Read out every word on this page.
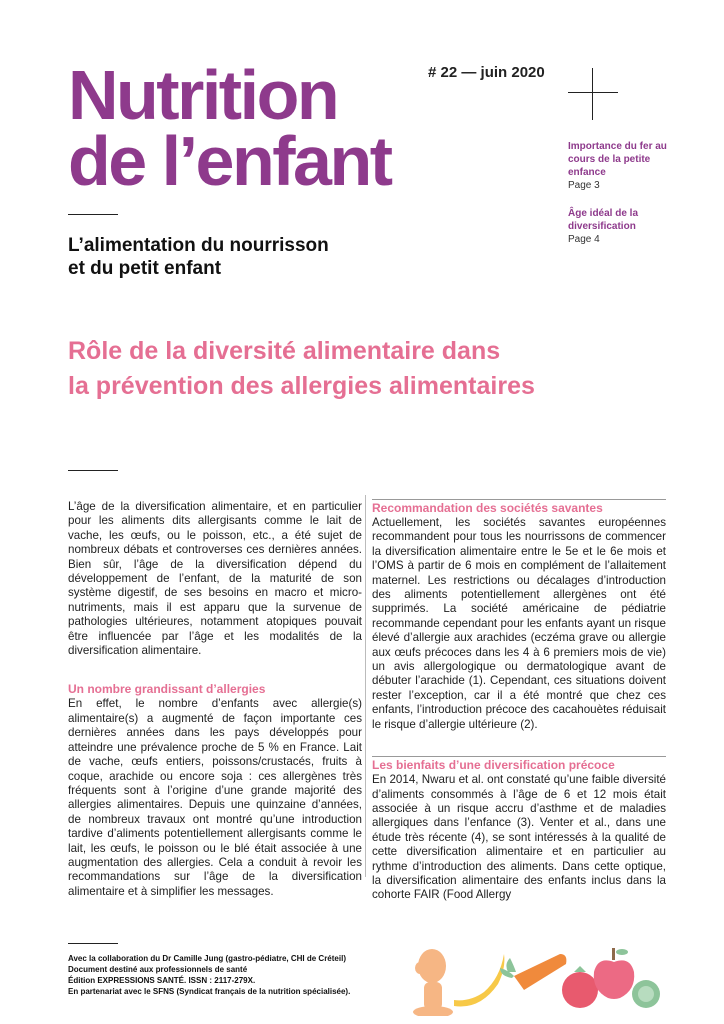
Nutrition
de l’enfant
# 22 — juin 2020
Importance du fer au cours de la petite enfance
Page 3
Âge idéal de la diversification
Page 4
L’alimentation du nourrisson
et du petit enfant
Rôle de la diversité alimentaire dans
la prévention des allergies alimentaires

L’âge de la diversification alimentaire, et en particulier pour les aliments dits allergisants comme le lait de vache, les œufs, ou le poisson, etc., a été sujet de nombreux débats et controverses ces dernières années. Bien sûr, l’âge de la diversification dépend du développement de l’enfant, de la maturité de son système digestif, de ses besoins en macro et micro-nutriments, mais il est apparu que la survenue de pathologies ultérieures, notamment atopiques pouvait être influencée par l’âge et les modalités de la diversification alimentaire.

Un nombre grandissant d’allergies

En effet, le nombre d’enfants avec allergie(s) alimentaire(s) a augmenté de façon importante ces dernières années dans les pays développés pour atteindre une prévalence proche de 5 % en France. Lait de vache, œufs entiers, poissons/crustacés, fruits à coque, arachide ou encore soja : ces allergènes très fréquents sont à l’origine d’une grande majorité des allergies alimentaires. Depuis une quinzaine d’années, de nombreux travaux ont montré qu’une introduction tardive d’aliments potentiellement allergisants comme le lait, les œufs, le poisson ou le blé était associée à une augmentation des allergies. Cela a conduit à revoir les recommandations sur l’âge de la diversification alimentaire et à simplifier les messages.

Recommandation des sociétés savantes

Actuellement, les sociétés savantes européennes recommandent pour tous les nourrissons de commencer la diversification alimentaire entre le 5e et le 6e mois et l’OMS à partir de 6 mois en complément de l’allaitement maternel. Les restrictions ou décalages d’introduction des aliments potentiellement allergènes ont été supprimés. La société américaine de pédiatrie recommande cependant pour les enfants ayant un risque élevé d’allergie aux arachides (eczéma grave ou allergie aux œufs précoces dans les 4 à 6 premiers mois de vie) un avis allergologique ou dermatologique avant de débuter l’arachide (1). Cependant, ces situations doivent rester l’exception, car il a été montré que chez ces enfants, l’introduction précoce des cacahouètes réduisait le risque d’allergie ultérieure (2).

Les bienfaits d’une diversification précoce

En 2014, Nwaru et al. ont constaté qu’une faible diversité d’aliments consommés à l’âge de 6 et 12 mois était associée à un risque accru d’asthme et de maladies allergiques dans l’enfance (3). Venter et al., dans une étude très récente (4), se sont intéressés à la qualité de cette diversification alimentaire et en particulier au rythme d’introduction des aliments. Dans cette optique, la diversification alimentaire des enfants inclus dans la cohorte FAIR (Food Allergy

Avec la collaboration du Dr Camille Jung (gastro-pédiatre, CHI de Créteil)
Document destiné aux professionnels de santé
Édition EXPRESSIONS SANTÉ. ISSN : 2117-279X.
En partenariat avec le SFNS (Syndicat français de la nutrition spécialisée).
